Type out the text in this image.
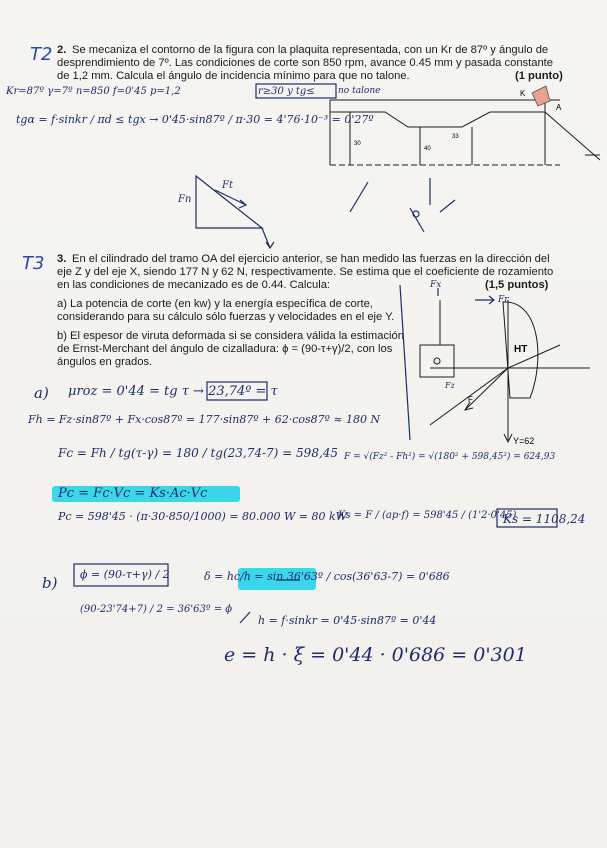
T2 2. Se mecaniza el contorno de la figura con la plaquita representada, con un Kr de 87º y ángulo de
desprendimiento de 7º. Las condiciones de corte son 850 rpm, avance 0.45 mm y pasada constante
de 1,2 mm. Calcula el ángulo de incidencia mínimo para que no talone.	(1 punto)
Kr=87º γ=7º n=850 f=0'45 p=1,2	r≥30 y tg≤	no talone
tgα = f·sinkr / πd ≤ tgx → 0'45·sin87º / π·30 = 4'76·10⁻³ = 0'27º
T3 3. En el cilindrado del tramo OA del ejercicio anterior, se han medido las fuerzas en la dirección del
eje Z y del eje X, siendo 177 N y 62 N, respectivamente. Se estima que el coeficiente de rozamiento
en las condiciones de mecanizado es de 0.44. Calcula:	(1,5 puntos)
a) La potencia de corte (en kw) y la energía específica de corte,
considerando para su cálculo sólo fuerzas y velocidades en el eje Y.
b) El espesor de viruta deformada si se considera válida la estimación
de Ernst-Merchant del ángulo de cizalladura: ϕ = (90-τ+γ)/2, con los
ángulos en grados.
a) μroz = 0'44 = tg τ → 23,74º = τ
Fh = Fz·sin87º + Fx·cos87º = 177·sin87º + 62·cos87º ≈ 180 N
Fc = Fh / tg(τ-γ) = 180 / tg(23,74-7) = 598,45 F = √(Fz² - Fh²) = √(180² + 598,45²) = 624,93
Pc = Fc·Vc = Ks·Ac·Vc
Pc = 598'45 · (π·30·850/1000) = 80.000 W = 80 kW
Ks = F / (ap·f) = 598'45 / (1'2·0'45)
Ks = 1108,24
b) ϕ = (90-τ+γ) / 2
(90-23'74+7) / 2 = 36'63º = ϕ
δ = hc/h = sin 36'63º / cos(36'63-7) = 0'686
h = f·sinkr = 0'45·sin87º = 0'44
e = h · ξ = 0'44 · 0'686 = 0'301
K
A
30
40
33
Fn
Ft
HT
F
Fz
Fr
Fx
Y=62
